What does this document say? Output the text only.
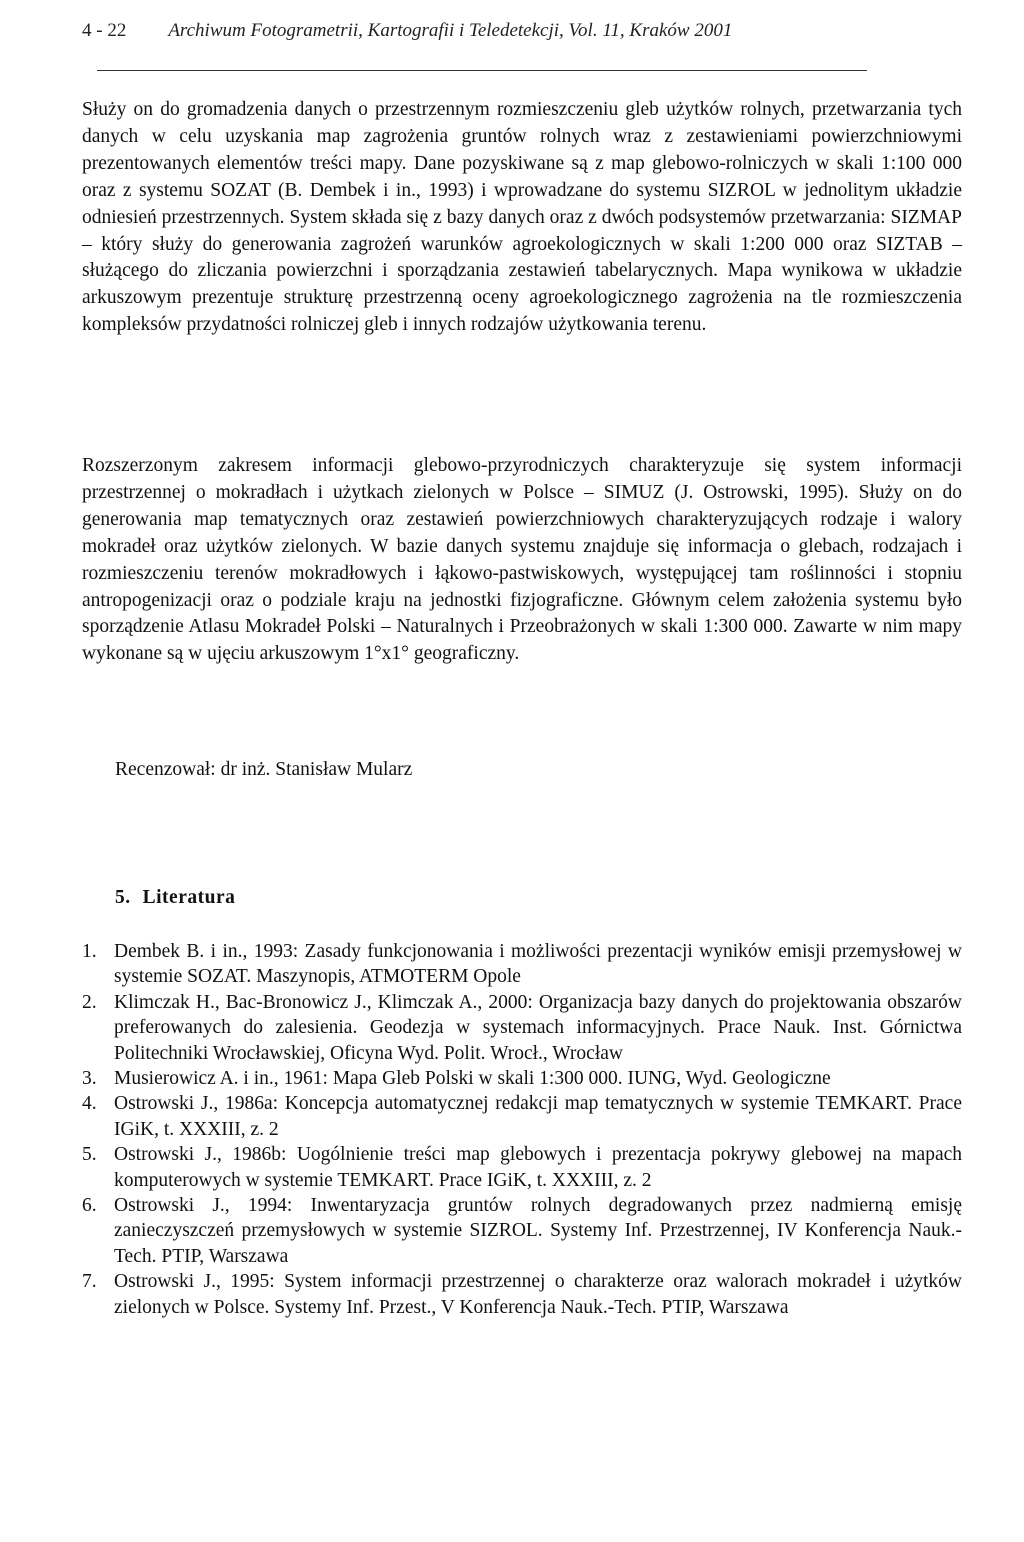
4 - 22 Archiwum Fotogrametrii, Kartografii i Teledetekcji, Vol. 11, Kraków 2001

Służy on do gromadzenia danych o przestrzennym rozmieszczeniu gleb użytków rolnych, przetwarzania tych danych w celu uzyskania map zagrożenia gruntów rolnych wraz z zestawieniami powierzchniowymi prezentowanych elementów treści mapy. Dane pozyskiwane są z map glebowo-rolniczych w skali 1:100 000 oraz z systemu SOZAT (B. Dembek i in., 1993) i wprowadzane do systemu SIZROL w jednolitym układzie odniesień przestrzennych. System składa się z bazy danych oraz z dwóch podsystemów przetwarzania: SIZMAP – który służy do generowania zagrożeń warunków agroekologicznych w skali 1:200 000 oraz SIZTAB – służącego do zliczania powierzchni i sporządzania zestawień tabelarycznych. Mapa wynikowa w układzie arkuszowym prezentuje strukturę przestrzenną oceny agroekologicznego zagrożenia na tle rozmieszczenia kompleksów przydatności rolniczej gleb i innych rodzajów użytkowania terenu.

Rozszerzonym zakresem informacji glebowo-przyrodniczych charakteryzuje się system informacji przestrzennej o mokradłach i użytkach zielonych w Polsce – SIMUZ (J. Ostrowski, 1995). Służy on do generowania map tematycznych oraz zestawień powierzchniowych charakteryzujących rodzaje i walory mokradeł oraz użytków zielonych. W bazie danych systemu znajduje się informacja o glebach, rodzajach i rozmieszczeniu terenów mokradłowych i łąkowo-pastwiskowych, występującej tam roślinności i stopniu antropogenizacji oraz o podziale kraju na jednostki fizjograficzne. Głównym celem założenia systemu było sporządzenie Atlasu Mokradeł Polski – Naturalnych i Przeobrażonych w skali 1:300 000. Zawarte w nim mapy wykonane są w ujęciu arkuszowym 1°x1° geograficzny.

Recenzował: dr inż. Stanisław Mularz
5. Literatura
1. Dembek B. i in., 1993: Zasady funkcjonowania i możliwości prezentacji wyników emisji przemysłowej w systemie SOZAT. Maszynopis, ATMOTERM Opole
2. Klimczak H., Bac-Bronowicz J., Klimczak A., 2000: Organizacja bazy danych do projektowania obszarów preferowanych do zalesienia. Geodezja w systemach informacyjnych. Prace Nauk. Inst. Górnictwa Politechniki Wrocławskiej, Oficyna Wyd. Polit. Wrocł., Wrocław
3. Musierowicz A. i in., 1961: Mapa Gleb Polski w skali 1:300 000. IUNG, Wyd. Geologiczne
4. Ostrowski J., 1986a: Koncepcja automatycznej redakcji map tematycznych w systemie TEMKART. Prace IGiK, t. XXXIII, z. 2
5. Ostrowski J., 1986b: Uogólnienie treści map glebowych i prezentacja pokrywy glebowej na mapach komputerowych w systemie TEMKART. Prace IGiK, t. XXXIII, z. 2
6. Ostrowski J., 1994: Inwentaryzacja gruntów rolnych degradowanych przez nadmierną emisję zanieczyszczeń przemysłowych w systemie SIZROL. Systemy Inf. Przestrzennej, IV Konferencja Nauk.-Tech. PTIP, Warszawa
7. Ostrowski J., 1995: System informacji przestrzennej o charakterze oraz walorach mokradeł i użytków zielonych w Polsce. Systemy Inf. Przest., V Konferencja Nauk.-Tech. PTIP, Warszawa
